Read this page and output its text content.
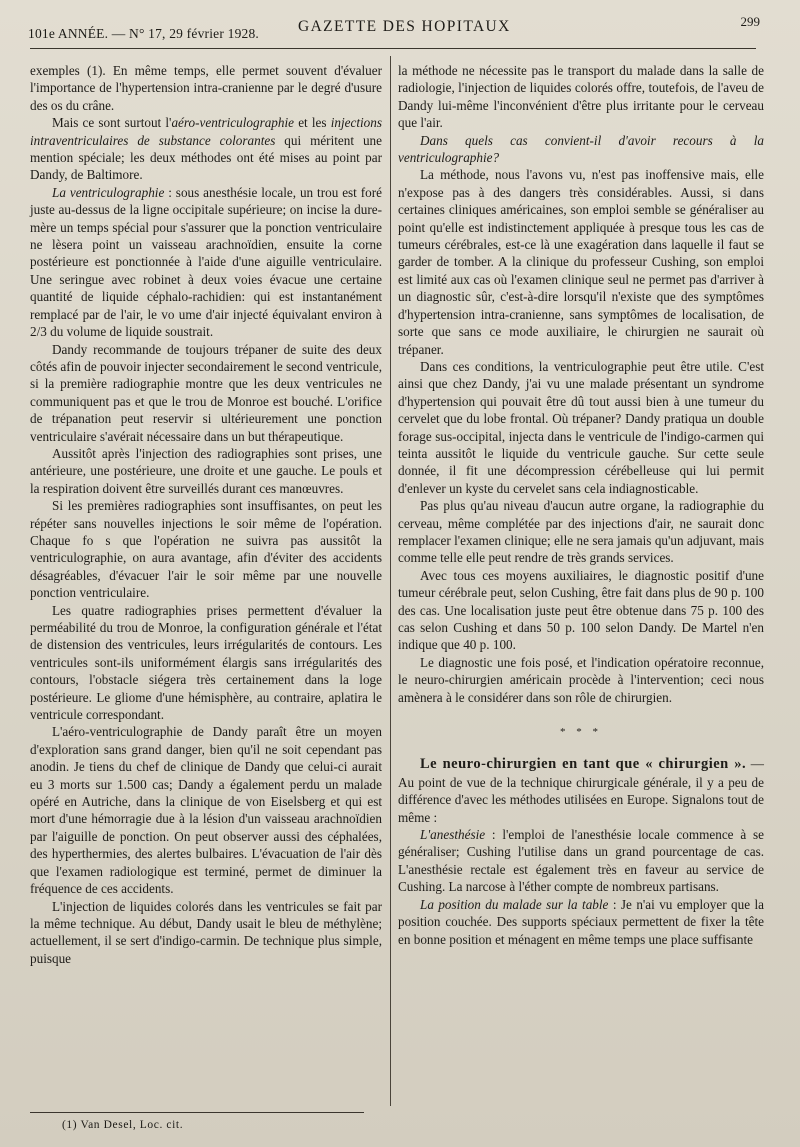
101e ANNÉE. — N° 17, 29 février 1928.	GAZETTE DES HOPITAUX	299

exemples (1). En même temps, elle permet souvent d'évaluer l'importance de l'hypertension intra-cranienne par le degré d'usure des os du crâne.

Mais ce sont surtout l'aéro-ventriculographie et les injections intraventriculaires de substance colorantes qui méritent une mention spéciale; les deux méthodes ont été mises au point par Dandy, de Baltimore.

La ventriculographie : sous anesthésie locale, un trou est foré juste au-dessus de la ligne occipitale supérieure; on incise la dure-mère un temps spécial pour s'assurer que la ponction ventriculaire ne lèsera point un vaisseau arachnoïdien, ensuite la corne postérieure est ponctionnée à l'aide d'une aiguille ventriculaire. Une seringue avec robinet à deux voies évacue une certaine quantité de liquide céphalo-rachidien: qui est instantanément remplacé par de l'air, le vo ume d'air injecté équivalant environ à 2/3 du volume de liquide soustrait.

Dandy recommande de toujours trépaner de suite des deux côtés afin de pouvoir injecter secondairement le second ventricule, si la première radiographie montre que les deux ventricules ne communiquent pas et que le trou de Monroe est bouché. L'orifice de trépanation peut reservir si ultérieurement une ponction ventriculaire s'avérait nécessaire dans un but thérapeutique.

Aussitôt après l'injection des radiographies sont prises, une antérieure, une postérieure, une droite et une gauche. Le pouls et la respiration doivent être surveillés durant ces manœuvres.

Si les premières radiographies sont insuffisantes, on peut les répéter sans nouvelles injections le soir même de l'opération. Chaque fo s que l'opération ne suivra pas aussitôt la ventriculographie, on aura avantage, afin d'éviter des accidents désagréables, d'évacuer l'air le soir même par une nouvelle ponction ventriculaire.

Les quatre radiographies prises permettent d'évaluer la perméabilité du trou de Monroe, la configuration générale et l'état de distension des ventricules, leurs irrégularités de contours. Les ventricules sont-ils uniformément élargis sans irrégularités des contours, l'obstacle siégera très certainement dans la loge postérieure. Le gliome d'une hémisphère, au contraire, aplatira le ventricule correspondant.

L'aéro-ventriculographie de Dandy paraît être un moyen d'exploration sans grand danger, bien qu'il ne soit cependant pas anodin. Je tiens du chef de clinique de Dandy que celui-ci aurait eu 3 morts sur 1.500 cas; Dandy a également perdu un malade opéré en Autriche, dans la clinique de von Eiselsberg et qui est mort d'une hémorragie due à la lésion d'un vaisseau arachnoïdien par l'aiguille de ponction. On peut observer aussi des céphalées, des hyperthermies, des alertes bulbaires. L'évacuation de l'air dès que l'examen radiologique est terminé, permet de diminuer la fréquence de ces accidents.

L'injection de liquides colorés dans les ventricules se fait par la même technique. Au début, Dandy usait le bleu de méthylène; actuellement, il se sert d'indigo-carmin. De technique plus simple, puisque

la méthode ne nécessite pas le transport du malade dans la salle de radiologie, l'injection de liquides colorés offre, toutefois, de l'aveu de Dandy lui-même l'inconvénient d'être plus irritante pour le cerveau que l'air.

Dans quels cas convient-il d'avoir recours à la ventriculographie?

La méthode, nous l'avons vu, n'est pas inoffensive mais, elle n'expose pas à des dangers très considérables. Aussi, si dans certaines cliniques américaines, son emploi semble se généraliser au point qu'elle est indistinctement appliquée à presque tous les cas de tumeurs cérébrales, est-ce là une exagération dans laquelle il faut se garder de tomber. A la clinique du professeur Cushing, son emploi est limité aux cas où l'examen clinique seul ne permet pas d'arriver à un diagnostic sûr, c'est-à-dire lorsqu'il n'existe que des symptômes d'hypertension intra-cranienne, sans symptômes de localisation, de sorte que sans ce mode auxiliaire, le chirurgien ne saurait où trépaner.

Dans ces conditions, la ventriculographie peut être utile. C'est ainsi que chez Dandy, j'ai vu une malade présentant un syndrome d'hypertension qui pouvait être dû tout aussi bien à une tumeur du cervelet que du lobe frontal. Où trépaner? Dandy pratiqua un double forage sus-occipital, injecta dans le ventricule de l'indigo-carmen qui teinta aussitôt le liquide du ventricule gauche. Sur cette seule donnée, il fit une décompression cérébelleuse qui lui permit d'enlever un kyste du cervelet sans cela indiagnosticable.

Pas plus qu'au niveau d'aucun autre organe, la radiographie du cerveau, même complétée par des injections d'air, ne saurait donc remplacer l'examen clinique; elle ne sera jamais qu'un adjuvant, mais comme telle elle peut rendre de très grands services.

Avec tous ces moyens auxiliaires, le diagnostic positif d'une tumeur cérébrale peut, selon Cushing, être fait dans plus de 90 p. 100 des cas. Une localisation juste peut être obtenue dans 75 p. 100 des cas selon Cushing et dans 50 p. 100 selon Dandy. De Martel n'en indique que 40 p. 100.

Le diagnostic une fois posé, et l'indication opératoire reconnue, le neuro-chirurgien américain procède à l'intervention; ceci nous amènera à le considérer dans son rôle de chirurgien.

* * *

Le neuro-chirurgien en tant que « chirurgien ». — Au point de vue de la technique chirurgicale générale, il y a peu de différence d'avec les méthodes utilisées en Europe. Signalons tout de même :

L'anesthésie : l'emploi de l'anesthésie locale commence à se généraliser; Cushing l'utilise dans un grand pourcentage de cas. L'anesthésie rectale est également très en faveur au service de Cushing. La narcose à l'éther compte de nombreux partisans.

La position du malade sur la table : Je n'ai vu employer que la position couchée. Des supports spéciaux permettent de fixer la tête en bonne position et ménagent en même temps une place suffisante

(1) Van Desel, Loc. cit.
